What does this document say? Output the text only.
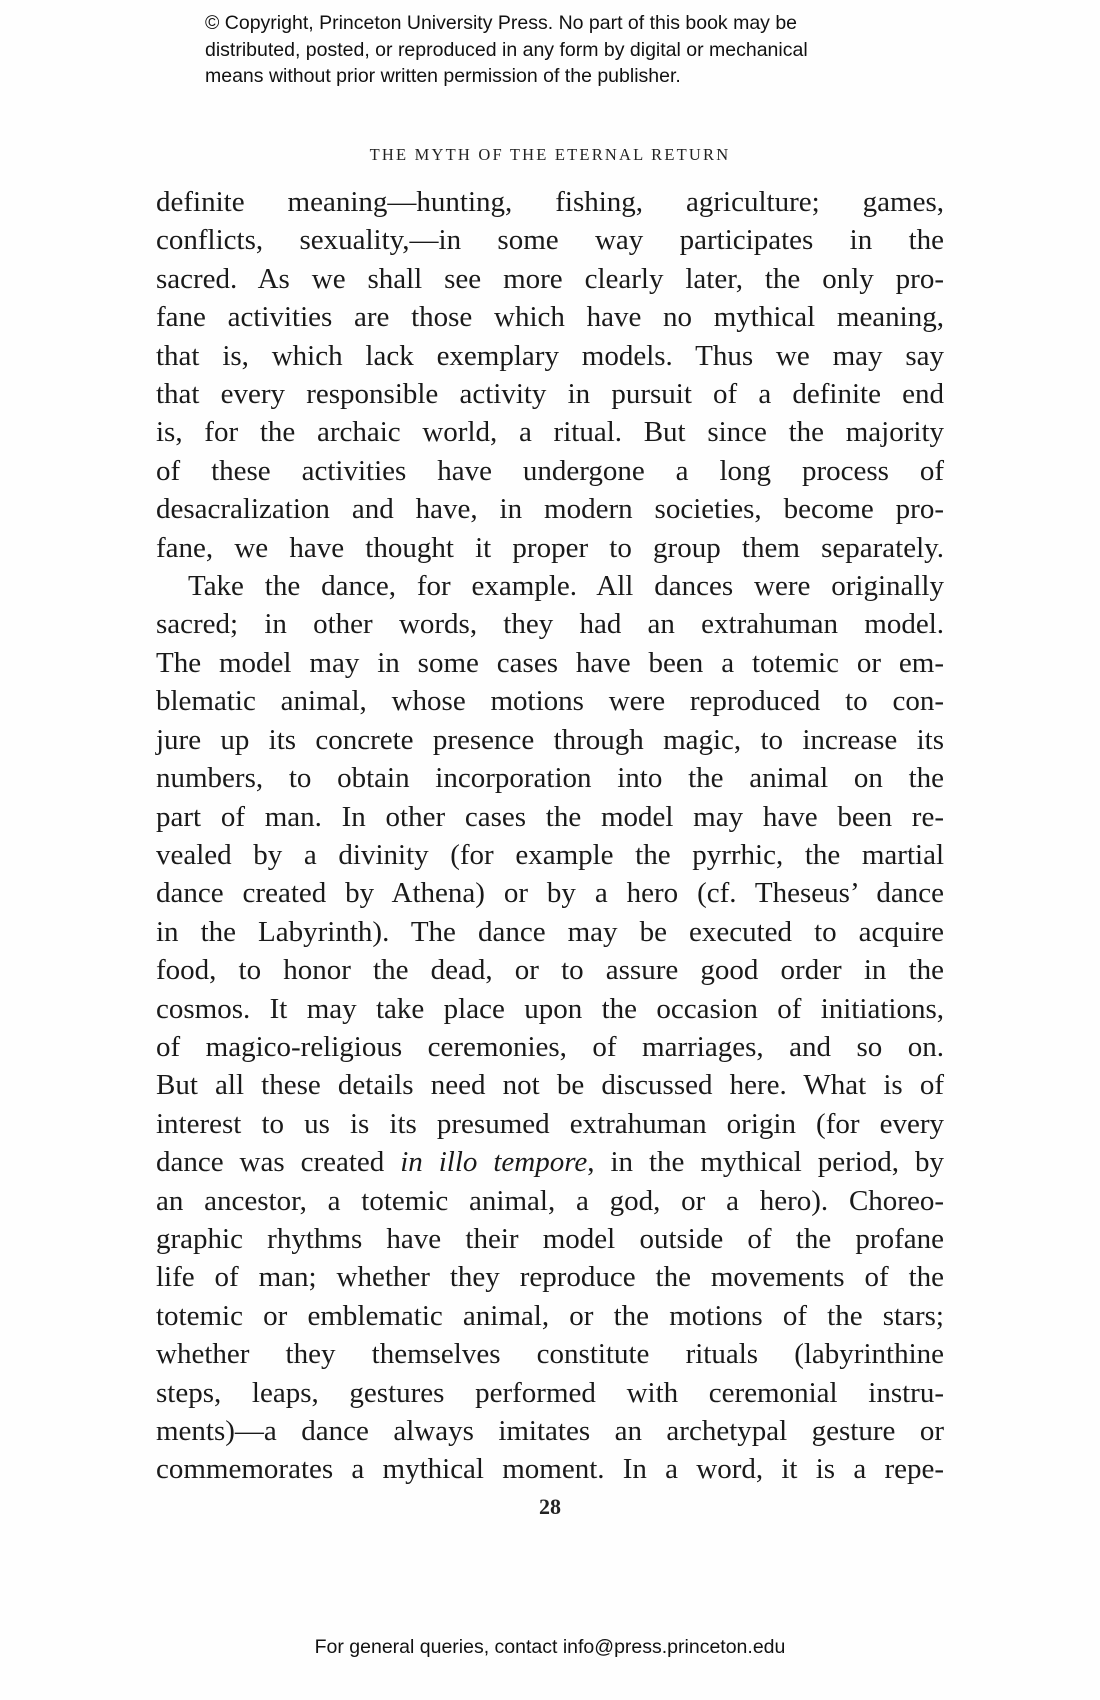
© Copyright, Princeton University Press. No part of this book may be
distributed, posted, or reproduced in any form by digital or mechanical
means without prior written permission of the publisher.
THE MYTH OF THE ETERNAL RETURN
definite meaning—hunting, fishing, agriculture; games,
conflicts, sexuality,—in some way participates in the
sacred. As we shall see more clearly later, the only pro-
fane activities are those which have no mythical meaning,
that is, which lack exemplary models. Thus we may say
that every responsible activity in pursuit of a definite end
is, for the archaic world, a ritual. But since the majority
of these activities have undergone a long process of
desacralization and have, in modern societies, become pro-
fane, we have thought it proper to group them separately.
Take the dance, for example. All dances were originally
sacred; in other words, they had an extrahuman model.
The model may in some cases have been a totemic or em-
blematic animal, whose motions were reproduced to con-
jure up its concrete presence through magic, to increase its
numbers, to obtain incorporation into the animal on the
part of man. In other cases the model may have been re-
vealed by a divinity (for example the pyrrhic, the martial
dance created by Athena) or by a hero (cf. Theseus’ dance
in the Labyrinth). The dance may be executed to acquire
food, to honor the dead, or to assure good order in the
cosmos. It may take place upon the occasion of initiations,
of magico-religious ceremonies, of marriages, and so on.
But all these details need not be discussed here. What is of
interest to us is its presumed extrahuman origin (for every
dance was created in illo tempore, in the mythical period, by
an ancestor, a totemic animal, a god, or a hero). Choreo-
graphic rhythms have their model outside of the profane
life of man; whether they reproduce the movements of the
totemic or emblematic animal, or the motions of the stars;
whether they themselves constitute rituals (labyrinthine
steps, leaps, gestures performed with ceremonial instru-
ments)—a dance always imitates an archetypal gesture or
commemorates a mythical moment. In a word, it is a repe-
28
For general queries, contact info@press.princeton.edu
